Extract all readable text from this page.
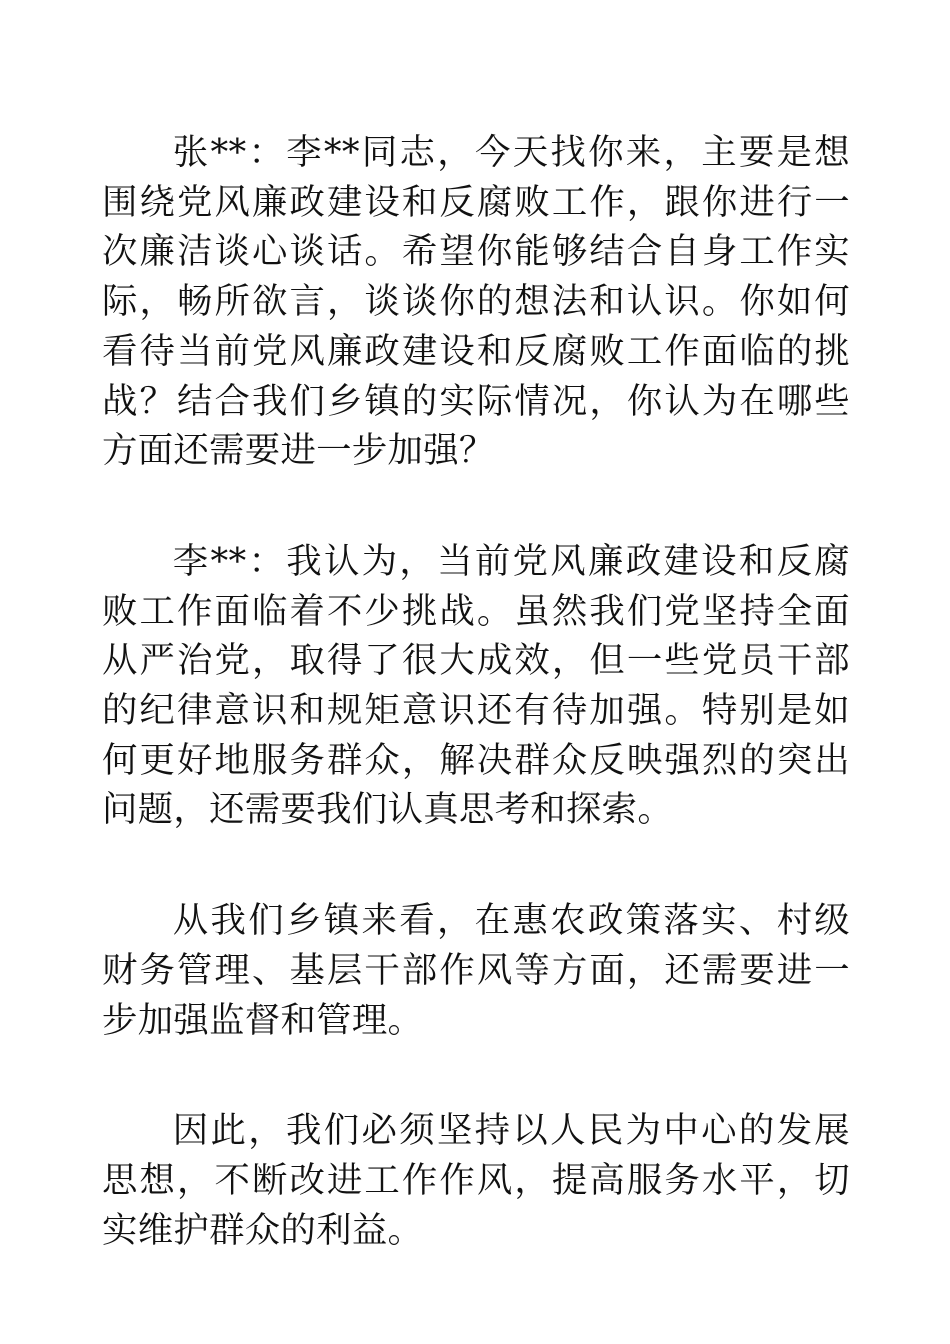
张**：李**同志，今天找你来，主要是想围绕党风廉政建设和反腐败工作，跟你进行一次廉洁谈心谈话。希望你能够结合自身工作实际，畅所欲言，谈谈你的想法和认识。你如何看待当前党风廉政建设和反腐败工作面临的挑战？结合我们乡镇的实际情况，你认为在哪些方面还需要进一步加强？

李**：我认为，当前党风廉政建设和反腐败工作面临着不少挑战。虽然我们党坚持全面从严治党，取得了很大成效，但一些党员干部的纪律意识和规矩意识还有待加强。特别是如何更好地服务群众，解决群众反映强烈的突出问题，还需要我们认真思考和探索。

从我们乡镇来看，在惠农政策落实、村级财务管理、基层干部作风等方面，还需要进一步加强监督和管理。

因此，我们必须坚持以人民为中心的发展思想，不断改进工作作风，提高服务水平，切实维护群众的利益。
